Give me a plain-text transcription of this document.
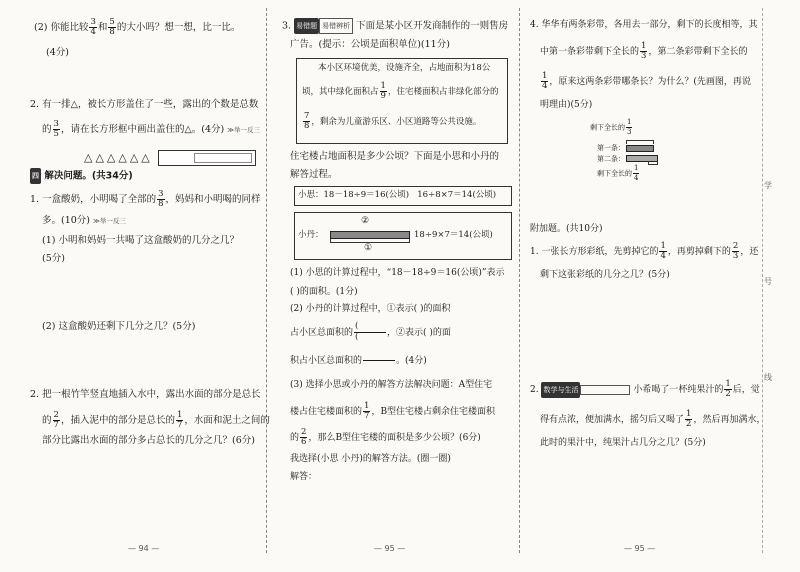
(2) 你能比较 $\frac{3}{4}$ 和 $\frac{5}{8}$ 的大小吗？想一想，比一比。
(4分)
2. 有一排△，被长方形盖住了一些，露出的个数是总数
的 $\frac{3}{5}$ ，请在长方形框中画出盖住的△。(4分) ≫举一反三
△△△△△△
四 解决问题。(共34分)
1. 一盒酸奶，小明喝了全部的 $\frac{3}{8}$ ，妈妈和小明喝的同样
多。(10分) ≫举一反三
(1) 小明和妈妈一共喝了这盒酸奶的几分之几？
(5分)
(2) 这盒酸奶还剩下几分之几？(5分)
2. 把一根竹竿竖直地插入水中，露出水面的部分是总长
的 $\frac{2}{7}$ ，插入泥中的部分是总长的 $\frac{1}{7}$ ，水面和泥土之间的
部分比露出水面的部分多占总长的几分之几？(6分)
— 94 —
3. 易错题 易错辨析 下面是某小区开发商制作的一则售房
广告。(提示：公顷是面积单位)(11分)
本小区环境优美，设施齐全，占地面积为18公
顷，其中绿化面积占 $\frac{1}{9}$ ，住宅楼面积占非绿化部分的
$\frac{7}{8}$ ，剩余为儿童游乐区、小区道路等公共设施。
住宅楼占地面积是多少公顷？下面是小思和小丹的
解答过程。
小思：18－18÷9＝16(公顷) 16÷8×7＝14(公顷)
小丹：
②
①
18÷9×7＝14(公顷)
(1) 小思的计算过程中，“18－18÷9＝16(公顷)”表示
( )的面积。(1分)
(2) 小丹的计算过程中，①表示( )的面积
占小区总面积的 $\frac{(}{(}$ ，②表示( )的面
积占小区总面积的	。(4分)
(3) 选择小思或小丹的解答方法解决问题：A型住宅
楼占住宅楼面积的 $\frac{1}{7}$ ，B型住宅楼占剩余住宅楼面积
的 $\frac{2}{6}$ ，那么B型住宅楼的面积是多少公顷？(6分)
我选择(小思 小丹)的解答方法。(圈一圈)
解答：
— 95 —
4. 华华有两条彩带，各用去一部分，剩下的长度相等，其
中第一条彩带剩下全长的 $\frac{1}{3}$ ，第二条彩带剩下全长的
$\frac{1}{4}$ ，原来这两条彩带哪条长？为什么？(先画图，再说
明理由)(5分)
剩下全长的 $\frac{1}{3}$
第一条：
第二条：
剩下全长的 $\frac{1}{4}$
附加题。(共10分)
1. 一张长方形彩纸，先剪掉它的 $\frac{1}{4}$ ，再剪掉剩下的 $\frac{2}{3}$ ，还
剩下这张彩纸的几分之几？(5分)
2. 数学与生活	小希喝了一杯纯果汁的 $\frac{1}{2}$ 后，觉
得有点浓，便加满水，摇匀后又喝了 $\frac{1}{2}$ ，然后再加满水，
此时的果汁中，纯果汁占几分之几？(5分)
— 95 —
学
号
线
